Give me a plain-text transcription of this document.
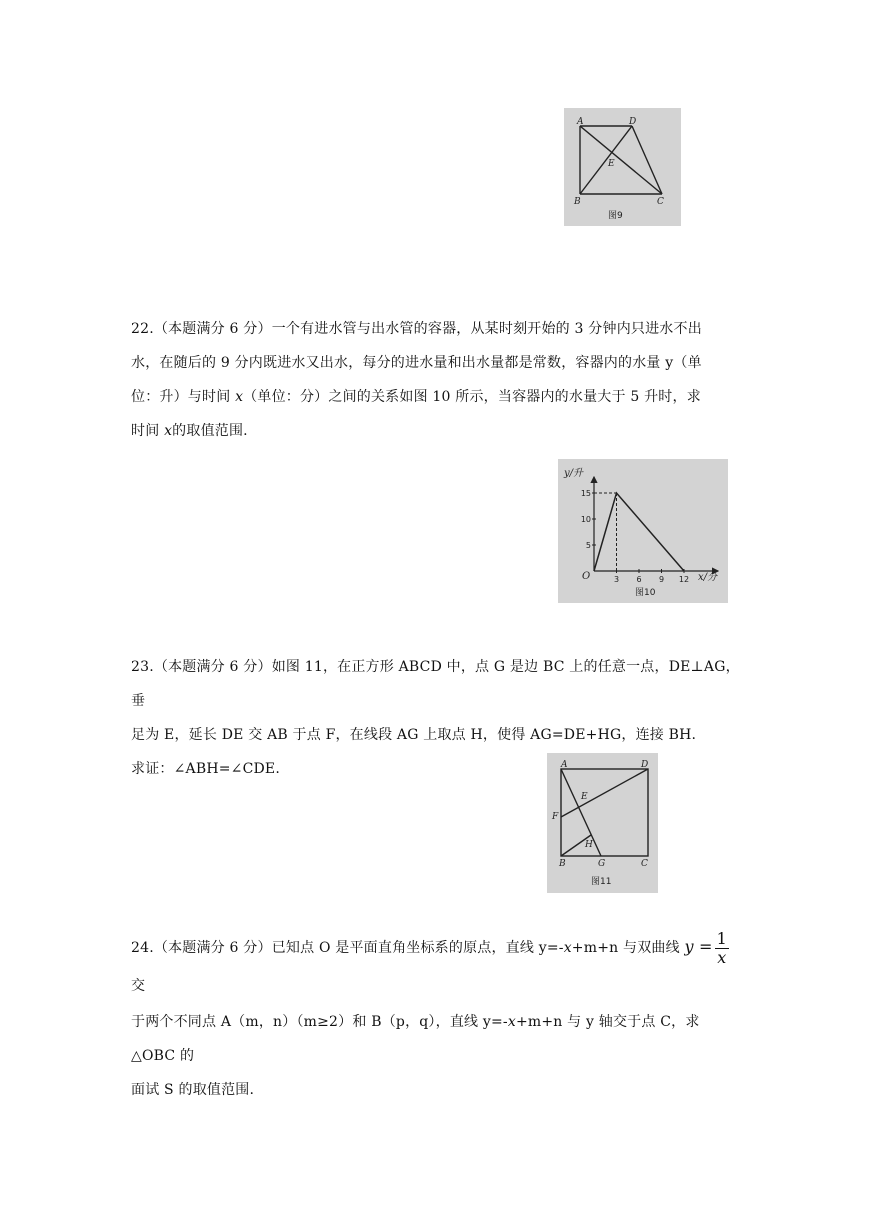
A	D
E
B	C
图9
22.（本题满分 6 分）一个有进水管与出水管的容器，从某时刻开始的 3 分钟内只进水不出
水，在随后的 9 分内既进水又出水，每分的进水量和出水量都是常数，容器内的水量 y（单
位：升）与时间 x（单位：分）之间的关系如图 10 所示，当容器内的水量大于 5 升时，求
时间 x的取值范围.
5
10
15
3 6 9 12
y/升
x/分
O
图10
23.（本题满分 6 分）如图 11，在正方形 ABCD 中，点 G 是边 BC 上的任意一点，DE⊥AG，垂
足为 E，延长 DE 交 AB 于点 F，在线段 AG 上取点 H，使得 AG=DE+HG，连接 BH.
求证：∠ABH=∠CDE.	A	D
E
F
H
B	G	C
图11
24.（本题满分 6 分）已知点 O 是平面直角坐标系的原点，直线 y=-x+m+n 与双曲线 $y = \frac{1}{x}$
交
于两个不同点 A（m，n）（m≥2）和 B（p，q），直线 y=-x+m+n 与 y 轴交于点 C，求△OBC 的
面试 S 的取值范围.
